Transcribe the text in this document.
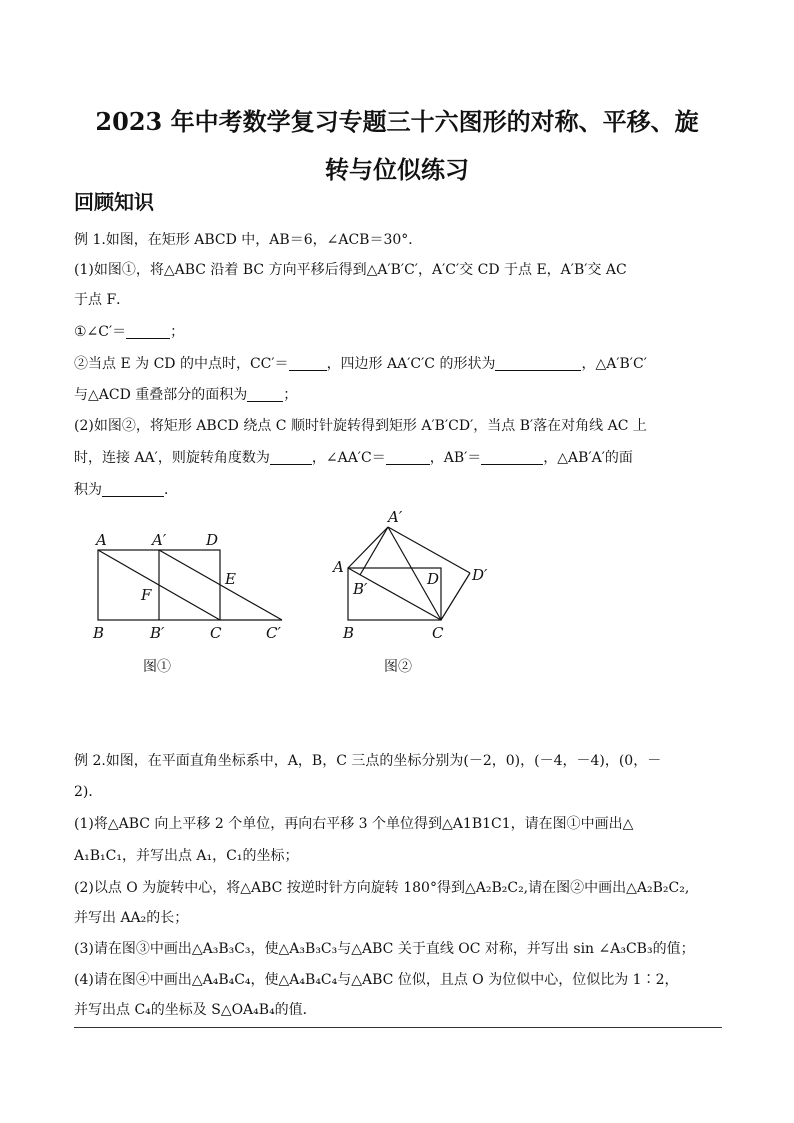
2023 年中考数学复习专题三十六图形的对称、平移、旋
转与位似练习
回顾知识
例 1.如图，在矩形 ABCD 中，AB＝6，∠ACB＝30°．
(1)如图①，将△ABC 沿着 BC 方向平移后得到△A′B′C′，A′C′交 CD 于点 E，A′B′交 AC
于点 F．
①∠C′＝	；
②当点 E 为 CD 的中点时，CC′＝	，四边形 AA′C′C 的形状为	，△A′B′C′
与△ACD 重叠部分的面积为	；
(2)如图②，将矩形 ABCD 绕点 C 顺时针旋转得到矩形 A′B′CD′，当点 B′落在对角线 AC 上
时，连接 AA′，则旋转角度数为	，∠AA′C＝	，AB′＝	，△AB′A′的面
积为	．
A	A′	D
E
F
B	B′	C	C′
图①
A′
A
D D′
B′
B	C
图②
例 2.如图，在平面直角坐标系中，A，B，C 三点的坐标分别为(－2，0)，(－4，－4)，(0，－
2)．
(1)将△ABC 向上平移 2 个单位，再向右平移 3 个单位得到△A1B1C1，请在图①中画出△
A₁B₁C₁，并写出点 A₁，C₁的坐标；
(2)以点 O 为旋转中心，将△ABC 按逆时针方向旋转 180°得到△A₂B₂C₂,请在图②中画出△A₂B₂C₂,
并写出 AA₂的长；
(3)请在图③中画出△A₃B₃C₃，使△A₃B₃C₃与△ABC 关于直线 OC 对称，并写出 sin ∠A₃CB₃的值；
(4)请在图④中画出△A₄B₄C₄，使△A₄B₄C₄与△ABC 位似，且点 O 为位似中心，位似比为 1∶2，
并写出点 C₄的坐标及 S△OA₄B₄的值．
